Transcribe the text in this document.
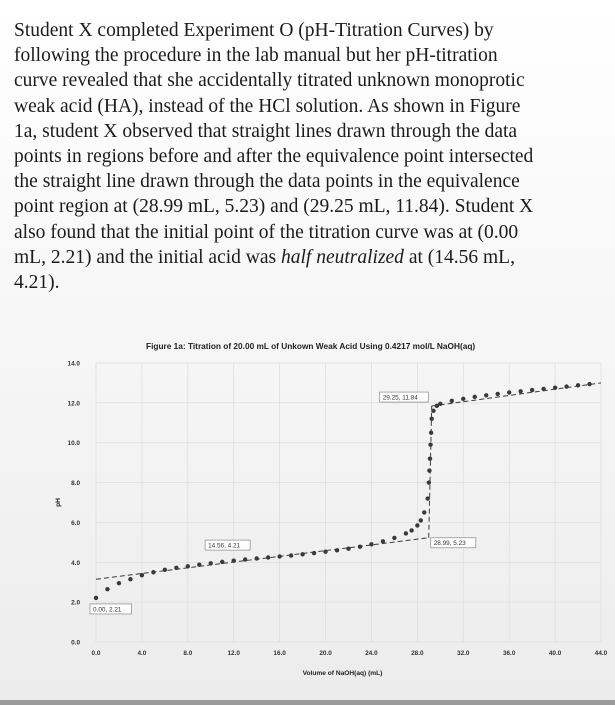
Student X completed Experiment O (pH-Titration Curves) by
following the procedure in the lab manual but her pH-titration
curve revealed that she accidentally titrated unknown monoprotic
weak acid (HA), instead of the HCl solution. As shown in Figure
1a, student X observed that straight lines drawn through the data
points in regions before and after the equivalence point intersected
the straight line drawn through the data points in the equivalence
point region at (28.99 mL, 5.23) and (29.25 mL, 11.84). Student X
also found that the initial point of the titration curve was at (0.00
mL, 2.21) and the initial acid was half neutralized at (14.56 mL,
4.21).
Figure 1a: Titration of 20.00 mL of Unkown Weak Acid Using 0.4217 mol/L NaOH(aq)
29.25, 11.84
14.56, 4.21	28.99, 5.23
0.00, 2.21
0.0	4.0	8.0	12.0	16.0	20.0	24.0	28.0	32.0	36.0	40.0	44.0
0.0
2.0
4.0
6.0
8.0
10.0
12.0
14.0
pH
Volume of NaOH(aq) (mL)
